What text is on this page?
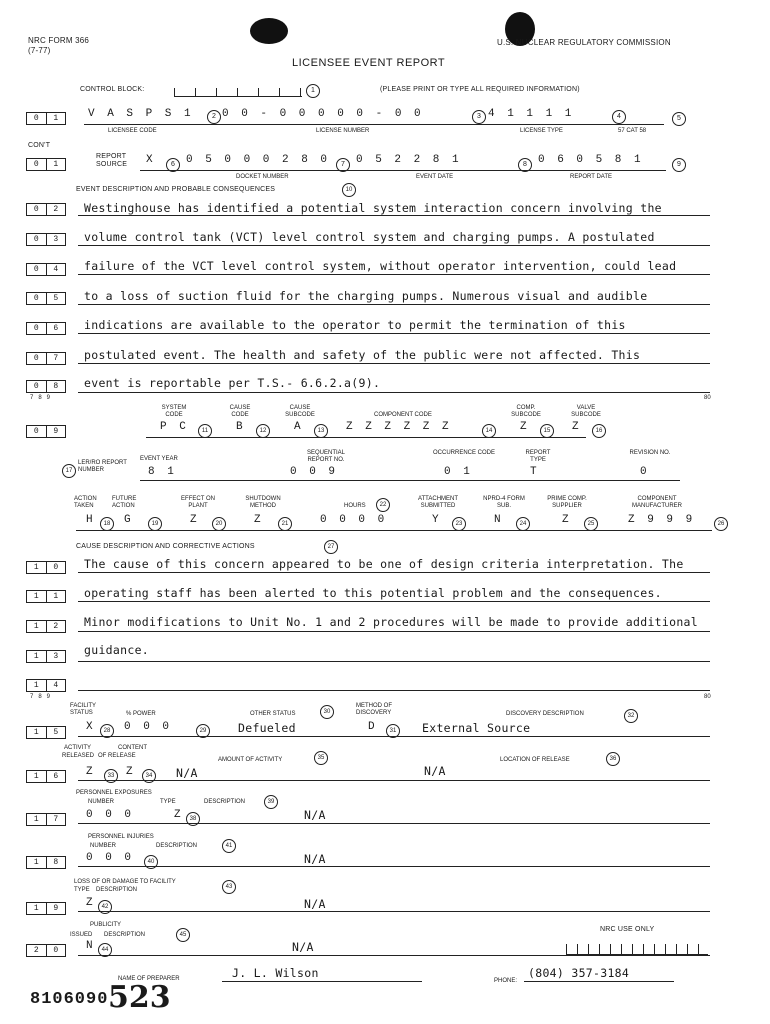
NRC FORM 366
(7-77)
U.S. NUCLEAR REGULATORY COMMISSION
LICENSEE EVENT REPORT
CONTROL BLOCK:	1	(PLEASE PRINT OR TYPE ALL REQUIRED INFORMATION)
0	1	V A S P S 1	2 0 0 - 0 0 0 0 0 - 0 0	3 4 1 1 1 1	4	5
LICENSEE CODE	LICENSE NUMBER	LICENSE TYPE	57 CAT 58
CON'T
0	1
REPORT SOURCE	X	6	0 5 0 0 0 2 8 0	7	0 5 2 2 8 1	8	0 6 0 5 8 1	9
DOCKET NUMBER	EVENT DATE	REPORT DATE
EVENT DESCRIPTION AND PROBABLE CONSEQUENCES	10
0	2	Westinghouse has identified a potential system interaction concern involving the
0	3	volume control tank (VCT) level control system and charging pumps. A postulated
0	4	failure of the VCT level control system, without operator intervention, could lead
0	5	to a loss of suction fluid for the charging pumps. Numerous visual and audible
0	6	indications are available to the operator to permit the termination of this
0	7	postulated event. The health and safety of the public were not affected. This
0	8	event is reportable per T.S.- 6.6.2.a(9).
7   8   9	80
SYSTEM CODE
CAUSE CODE
CAUSE SUBCODE	COMPONENT CODE
COMP. SUBCODE
VALVE SUBCODE
0	9	P C	11	B	12	A	13	Z Z Z Z Z Z	14	Z	15	Z	16
SEQUENTIAL REPORT NO.
OCCURRENCE CODE	REPORT TYPE
REVISION NO.
17
LER/RO REPORT NUMBER
EVENT YEAR
8 1	0 0 9	0 1	T	0
ACTION TAKEN
FUTURE ACTION
EFFECT ON PLANT
SHUTDOWN METHOD	HOURS	22
ATTACHMENT SUBMITTED
NPRD-4 FORM SUB.
PRIME COMP. SUPPLIER
COMPONENT MANUFACTURER
H	18	G	19	Z	20	Z	21	0 0 0 0	Y	23	N	24	Z	25	Z 9 9 9	26
CAUSE DESCRIPTION AND CORRECTIVE ACTIONS	27
1	0	The cause of this concern appeared to be one of design criteria interpretation. The
1	1	operating staff has been alerted to this potential problem and the consequences.
1	2	Minor modifications to Unit No. 1 and 2 procedures will be made to provide additional
1	3	guidance.
1	4
7   8   9	80
FACILITY STATUS	% POWER	OTHER STATUS	30
METHOD OF DISCOVERY	DISCOVERY DESCRIPTION	32
1	5	X	28	0 0 0	29	Defueled	D	31	External Source
ACTIVITY	CONTENT
RELEASED OF RELEASE
AMOUNT OF ACTIVITY	35	LOCATION OF RELEASE	36
1	6	Z	33	Z	34	N/A	N/A
PERSONNEL EXPOSURES
NUMBER	TYPE	DESCRIPTION	39
1	7	0 0 0	Z	38	N/A
PERSONNEL INJURIES
NUMBER	DESCRIPTION	41
1	8	0 0 0	40	N/A
LOSS OF OR DAMAGE TO FACILITY
43
TYPE DESCRIPTION
1	9	Z	42	N/A
PUBLICITY
ISSUED DESCRIPTION	45
NRC USE ONLY
2	0	N	44	N/A
NAME OF PREPARER	J. L. Wilson
PHONE:
(804) 357-3184
8106090 523
